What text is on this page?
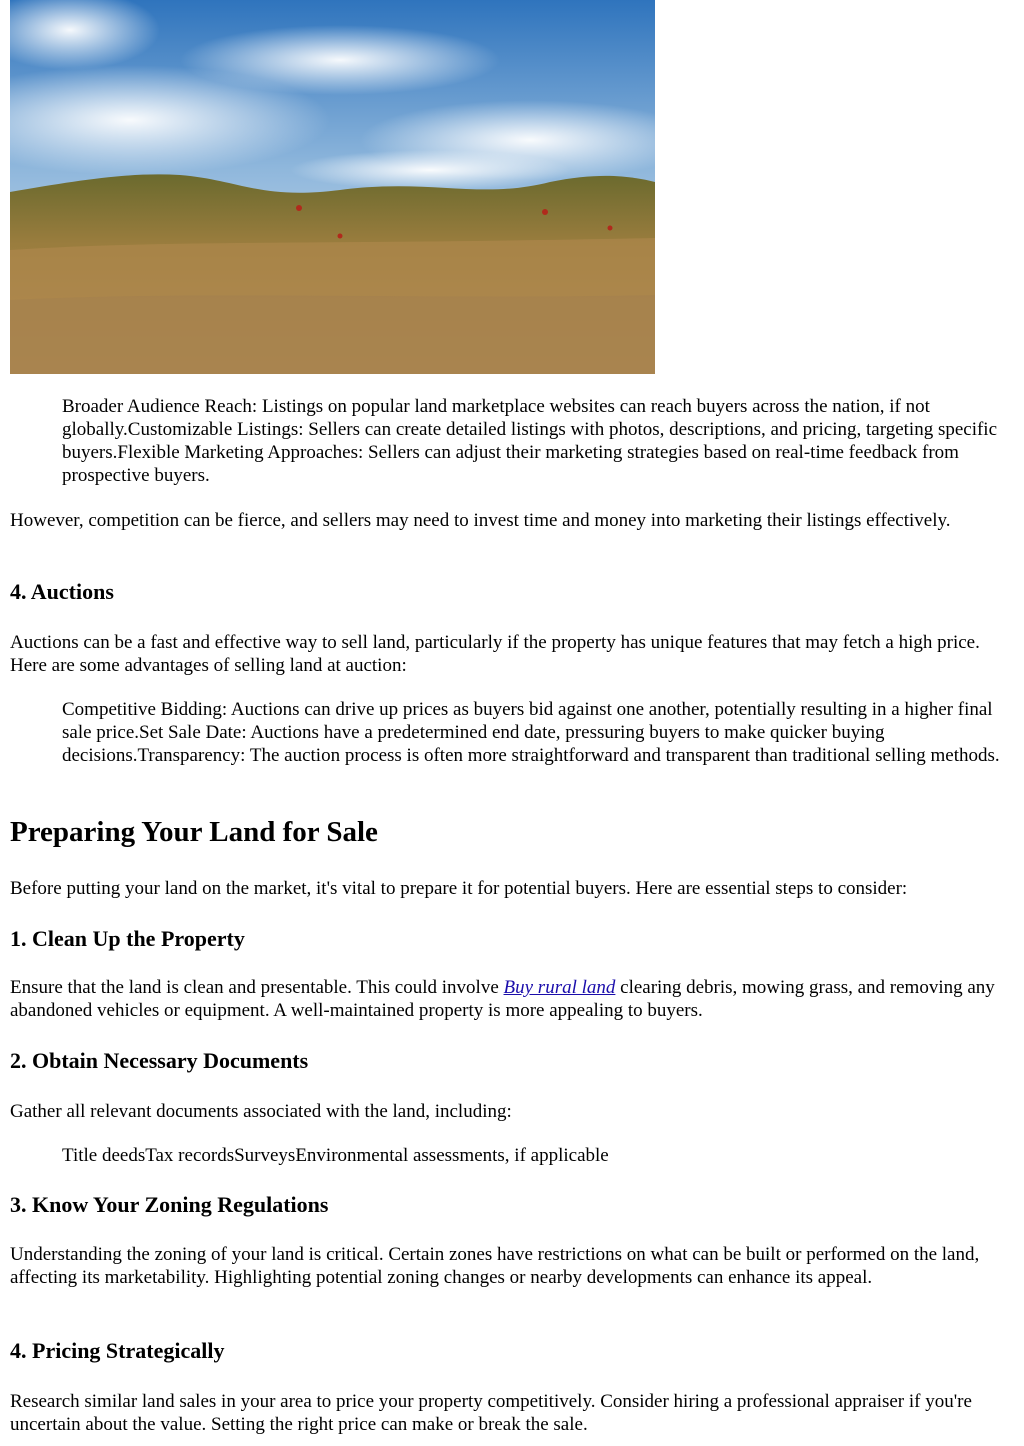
Broader Audience Reach: Listings on popular land marketplace websites can reach buyers across the nation, if not globally.Customizable Listings: Sellers can create detailed listings with photos, descriptions, and pricing, targeting specific buyers.Flexible Marketing Approaches: Sellers can adjust their marketing strategies based on real-time feedback from prospective buyers.

However, competition can be fierce, and sellers may need to invest time and money into marketing their listings effectively.

4. Auctions

Auctions can be a fast and effective way to sell land, particularly if the property has unique features that may fetch a high price. Here are some advantages of selling land at auction:

Competitive Bidding: Auctions can drive up prices as buyers bid against one another, potentially resulting in a higher final sale price.Set Sale Date: Auctions have a predetermined end date, pressuring buyers to make quicker buying decisions.Transparency: The auction process is often more straightforward and transparent than traditional selling methods.

Preparing Your Land for Sale

Before putting your land on the market, it's vital to prepare it for potential buyers. Here are essential steps to consider:

1. Clean Up the Property

Ensure that the land is clean and presentable. This could involve Buy rural land clearing debris, mowing grass, and removing any abandoned vehicles or equipment. A well-maintained property is more appealing to buyers.

2. Obtain Necessary Documents

Gather all relevant documents associated with the land, including:

Title deedsTax recordsSurveysEnvironmental assessments, if applicable

3. Know Your Zoning Regulations

Understanding the zoning of your land is critical. Certain zones have restrictions on what can be built or performed on the land, affecting its marketability. Highlighting potential zoning changes or nearby developments can enhance its appeal.

4. Pricing Strategically

Research similar land sales in your area to price your property competitively. Consider hiring a professional appraiser if you're uncertain about the value. Setting the right price can make or break the sale.
